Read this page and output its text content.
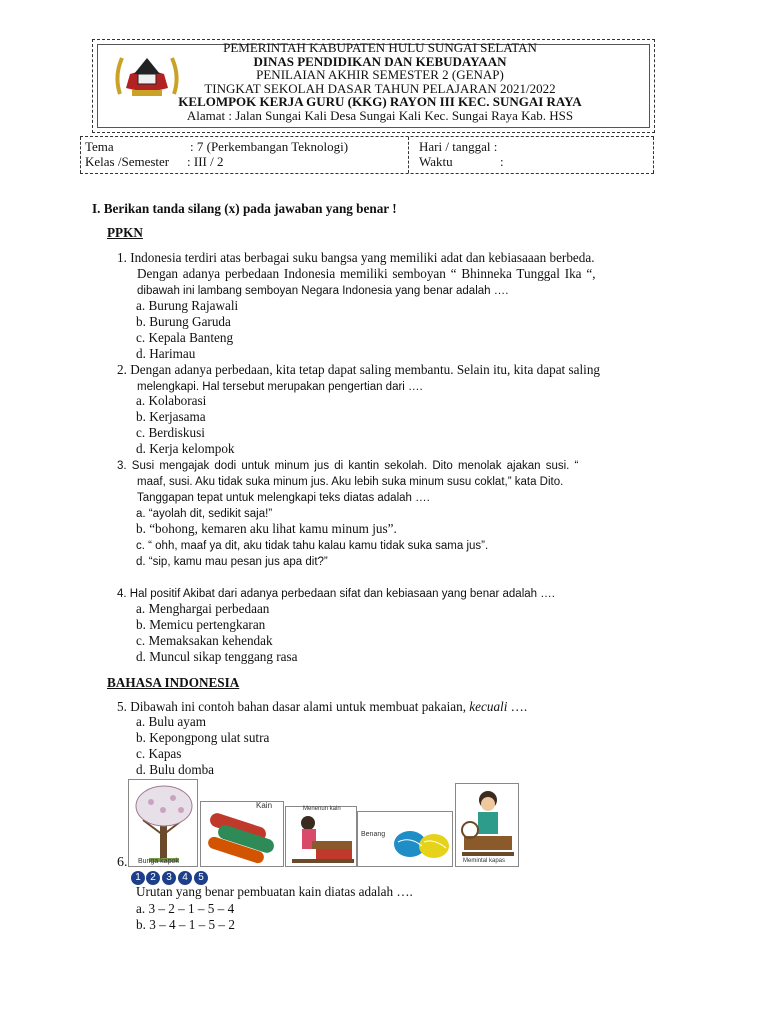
PEMERINTAH KABUPATEN HULU SUNGAI SELATAN
DINAS PENDIDIKAN DAN KEBUDAYAAN
PENILAIAN AKHIR SEMESTER 2 (GENAP)
TINGKAT SEKOLAH DASAR TAHUN PELAJARAN 2021/2022
KELOMPOK KERJA GURU (KKG) RAYON III KEC. SUNGAI RAYA
Alamat : Jalan Sungai Kali Desa Sungai Kali Kec. Sungai Raya Kab. HSS
Tema	: 7 (Perkembangan Teknologi)
Kelas /Semester : III / 2
Hari / tanggal :
Waktu	:
I. Berikan tanda silang (x) pada jawaban yang benar !
PPKN
1. Indonesia terdiri atas berbagai suku bangsa yang memiliki adat dan kebiasaaan berbeda.
Dengan adanya perbedaan Indonesia memiliki semboyan “ Bhinneka Tunggal Ika “,
dibawah ini lambang semboyan Negara Indonesia yang benar adalah ….
a. Burung Rajawali
b. Burung Garuda
c. Kepala Banteng
d. Harimau
2. Dengan adanya perbedaan, kita tetap dapat saling membantu. Selain itu, kita dapat saling
melengkapi. Hal tersebut merupakan pengertian dari ….
a. Kolaborasi
b. Kerjasama
c. Berdiskusi
d. Kerja kelompok
3. Susi mengajak dodi untuk minum jus di kantin sekolah. Dito menolak ajakan susi. “
maaf, susi. Aku tidak suka minum jus. Aku lebih suka minum susu coklat,” kata Dito.
Tanggapan tepat untuk melengkapi teks diatas adalah ….
a. “ayolah dit, sedikit saja!”
b. “bohong, kemaren aku lihat kamu minum jus”.
c. “ ohh, maaf ya dit, aku tidak tahu kalau kamu tidak suka sama jus”.
d. “sip, kamu mau pesan jus apa dit?”
4. Hal positif Akibat dari adanya perbedaan sifat dan kebiasaan yang benar adalah ….
a. Menghargai perbedaan
b. Memicu pertengkaran
c. Memaksakan kehendak
d. Muncul sikap tenggang rasa
BAHASA INDONESIA
5. Dibawah ini contoh bahan dasar alami untuk membuat pakaian, kecuali ….
a. Bulu ayam
b. Kepongpong ulat sutra
c. Kapas
d. Bulu domba
6. Bunga kapok
Kain	Menenun kain
Benang
Memintal kapas
1 2	3	4	5
Urutan yang benar pembuatan kain diatas adalah ….
a. 3 – 2 – 1 – 5 – 4
b. 3 – 4 – 1 – 5 – 2
